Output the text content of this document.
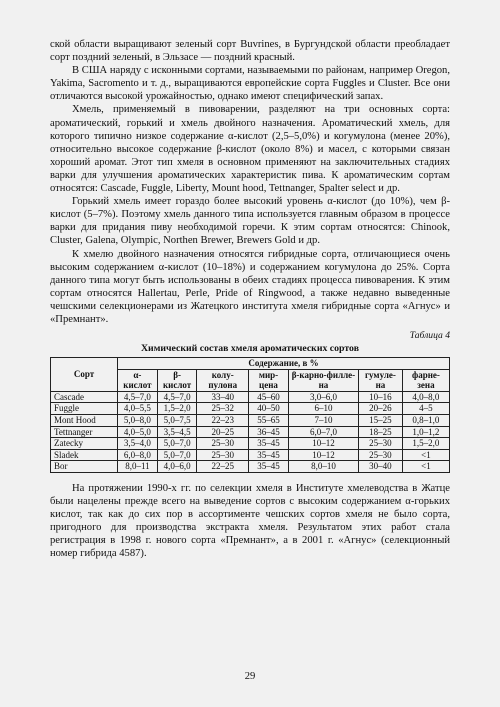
ской области выращивают зеленый сорт Buvrines, в Бургундской области преобладает сорт поздний зеленый, в Эльзасе — поздний красный.

В США наряду с исконными сортами, называемыми по районам, например Oregon, Yakima, Sacromento и т. д., выращиваются европейские сорта Fuggles и Cluster. Все они отличаются высокой урожайностью, однако имеют специфический запах.

Хмель, применяемый в пивоварении, разделяют на три основных сорта: ароматический, горький и хмель двойного назначения. Ароматический хмель, для которого типично низкое содержание α-кислот (2,5–5,0%) и когумулона (менее 20%), относительно высокое содержание β-кислот (около 8%) и масел, с которыми связан хороший аромат. Этот тип хмеля в основном применяют на заключительных стадиях варки для улучшения ароматических характеристик пива. К ароматическим сортам относятся: Cascade, Fuggle, Liberty, Mount hood, Tettnanger, Spalter select и др.

Горький хмель имеет гораздо более высокий уровень α-кислот (до 10%), чем β-кислот (5–7%). Поэтому хмель данного типа используется главным образом в процессе варки для придания пиву необходимой горечи. К этим сортам относятся: Chinook, Cluster, Galena, Olympic, Northen Brewer, Brewers Gold и др.

К хмелю двойного назначения относятся гибридные сорта, отличающиеся очень высоким содержанием α-кислот (10–18%) и содержанием когумулона до 25%. Сорта данного типа могут быть использованы в обеих стадиях процесса пивоварения. К этим сортам относятся Hallertau, Perle, Pride of Ringwood, а также недавно выведенные чешскими селекционерами из Жатецкого института хмеля гибридные сорта «Агнус» и «Премнант».

Таблица 4
Химический состав хмеля ароматических сортов
Сорт	Содержание, в %						
	α-кислот	β-кислот	колу-пулона	мир-цена	β-карно-филле-на	гумуле-на	фарне-зена
Cascade	4,5–7,0	4,5–7,0	33–40	45–60	3,0–6,0	10–16	4,0–8,0
Fuggle	4,0–5,5	1,5–2,0	25–32	40–50	6–10	20–26	4–5
Mont Hood	5,0–8,0	5,0–7,5	22–23	55–65	7–10	15–25	0,8–1,0
Tettnanger	4,0–5,0	3,5–4,5	20–25	36–45	6,0–7,0	18–25	1,0–1,2
Zatecky	3,5–4,0	5,0–7,0	25–30	35–45	10–12	25–30	1,5–2,0
Sladek	6,0–8,0	5,0–7,0	25–30	35–45	10–12	25–30	<1
Bor	8,0–11	4,0–6,0	22–25	35–45	8,0–10	30–40	<1

На протяжении 1990-х гг. по селекции хмеля в Институте хмелеводства в Жатце были нацелены прежде всего на выведение сортов с высоким содержанием α-горьких кислот, так как до сих пор в ассортименте чешских сортов хмеля не было сорта, пригодного для производства экстракта хмеля. Результатом этих работ стала регистрация в 1998 г. нового сорта «Премнант», а в 2001 г. «Агнус» (селекционный номер гибрида 4587).

29
